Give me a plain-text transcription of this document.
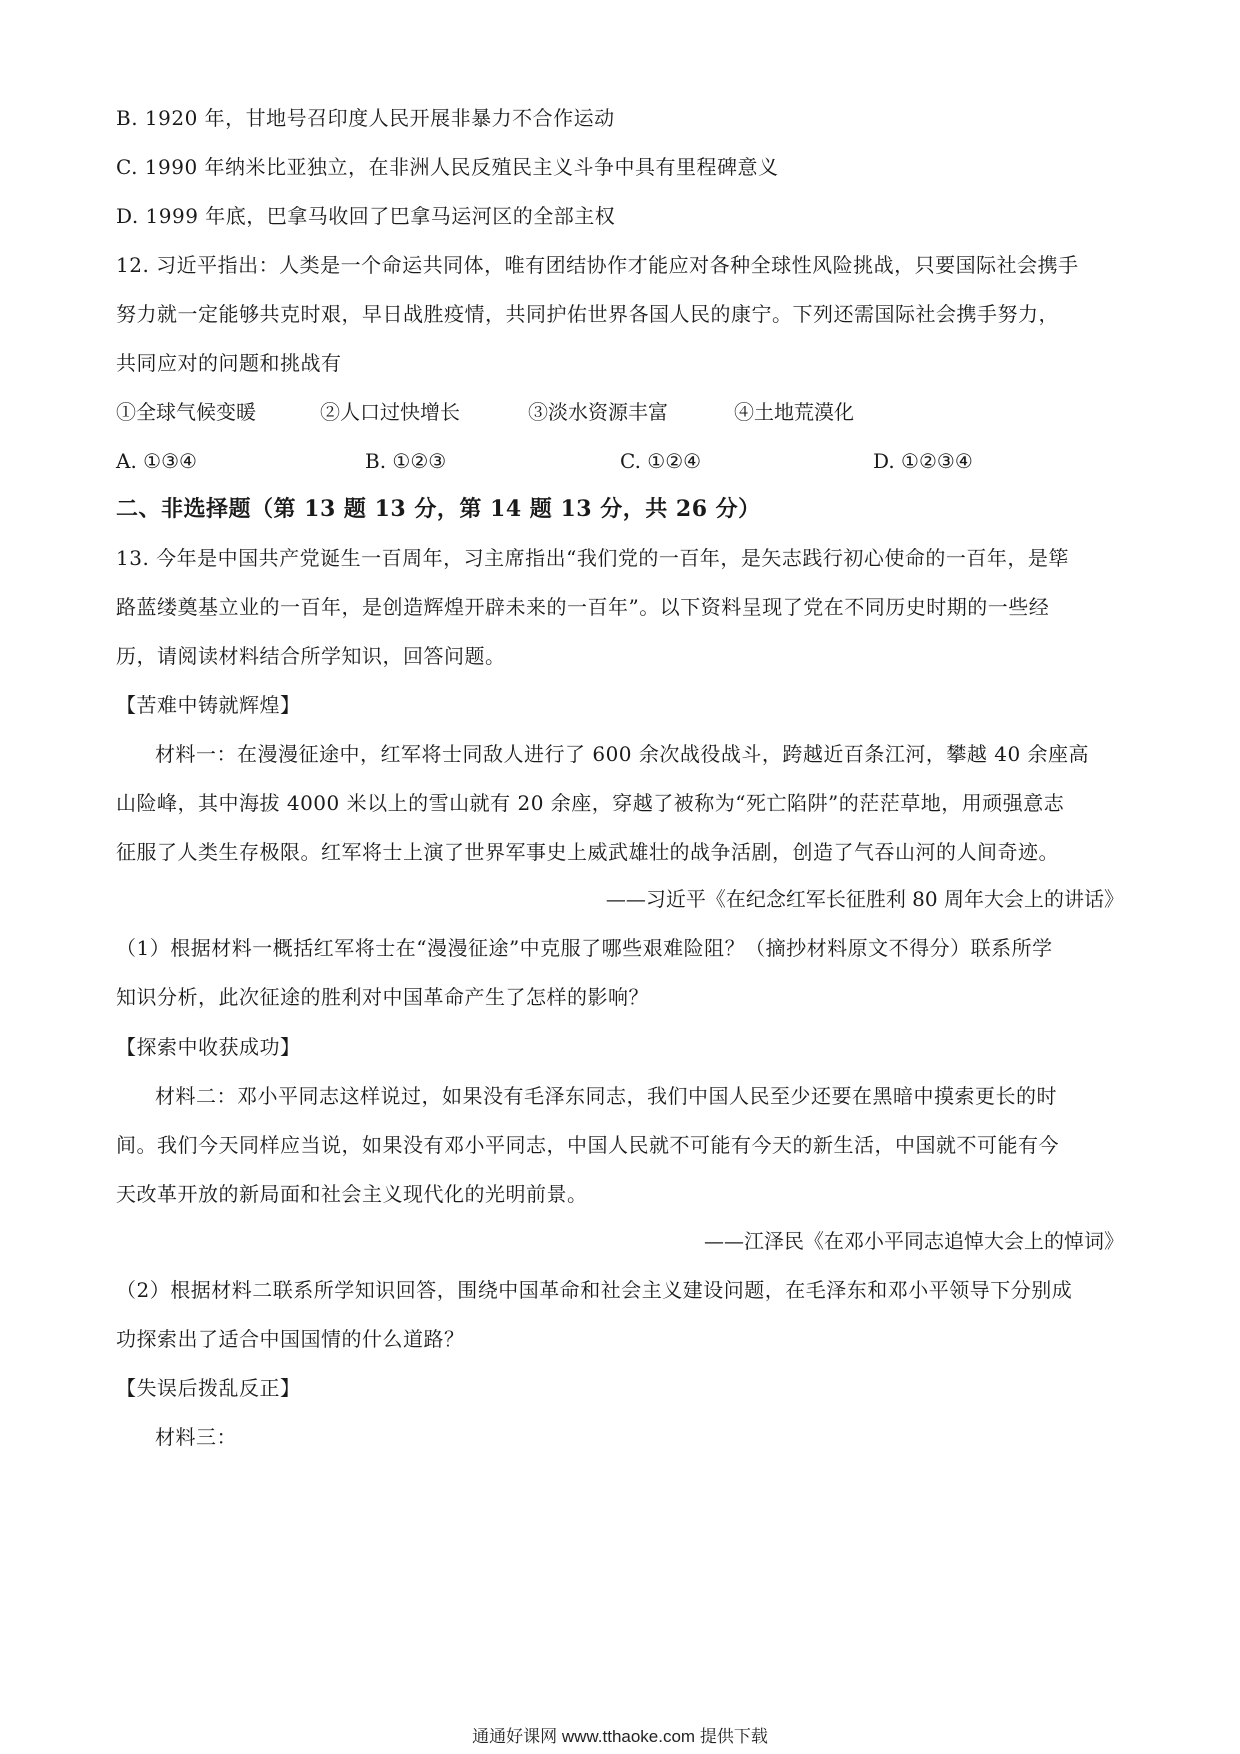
B. 1920 年，甘地号召印度人民开展非暴力不合作运动
C. 1990 年纳米比亚独立，在非洲人民反殖民主义斗争中具有里程碑意义
D. 1999 年底，巴拿马收回了巴拿马运河区的全部主权
12. 习近平指出：人类是一个命运共同体，唯有团结协作才能应对各种全球性风险挑战，只要国际社会携手
努力就一定能够共克时艰，早日战胜疫情，共同护佑世界各国人民的康宁。下列还需国际社会携手努力，
共同应对的问题和挑战有
①全球气候变暖	②人口过快增长	③淡水资源丰富	④土地荒漠化
A. ①③④	B. ①②③	C. ①②④	D. ①②③④
二、非选择题（第 13 题 13 分，第 14 题 13 分，共 26 分）
13. 今年是中国共产党诞生一百周年，习主席指出“我们党的一百年，是矢志践行初心使命的一百年，是筚
路蓝缕奠基立业的一百年，是创造辉煌开辟未来的一百年”。以下资料呈现了党在不同历史时期的一些经
历，请阅读材料结合所学知识，回答问题。
【苦难中铸就辉煌】
材料一：在漫漫征途中，红军将士同敌人进行了 600 余次战役战斗，跨越近百条江河，攀越 40 余座高
山险峰，其中海拔 4000 米以上的雪山就有 20 余座，穿越了被称为“死亡陷阱”的茫茫草地，用顽强意志
征服了人类生存极限。红军将士上演了世界军事史上威武雄壮的战争活剧，创造了气吞山河的人间奇迹。
——习近平《在纪念红军长征胜利 80 周年大会上的讲话》
（1）根据材料一概括红军将士在“漫漫征途”中克服了哪些艰难险阻？（摘抄材料原文不得分）联系所学
知识分析，此次征途的胜利对中国革命产生了怎样的影响？
【探索中收获成功】
材料二：邓小平同志这样说过，如果没有毛泽东同志，我们中国人民至少还要在黑暗中摸索更长的时
间。我们今天同样应当说，如果没有邓小平同志，中国人民就不可能有今天的新生活，中国就不可能有今
天改革开放的新局面和社会主义现代化的光明前景。
——江泽民《在邓小平同志追悼大会上的悼词》
（2）根据材料二联系所学知识回答，围绕中国革命和社会主义建设问题，在毛泽东和邓小平领导下分别成
功探索出了适合中国国情的什么道路？
【失误后拨乱反正】
材料三：
通通好课网 www.tthaoke.com 提供下载
